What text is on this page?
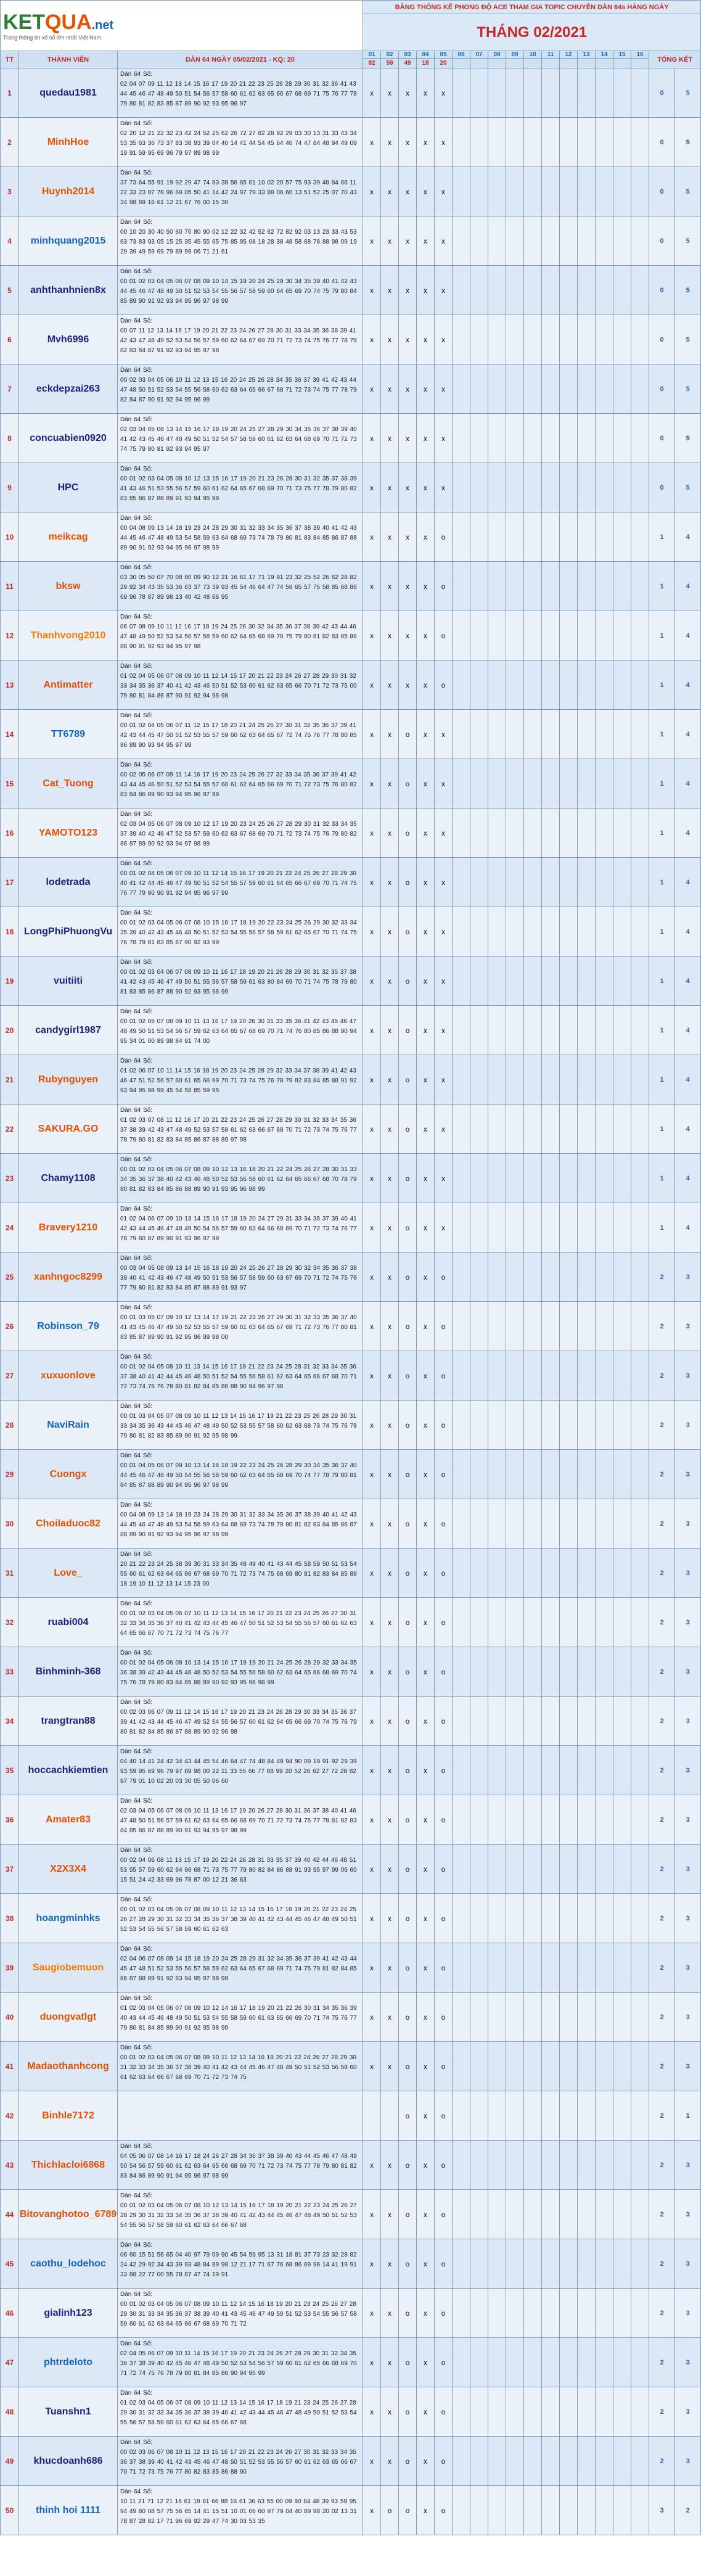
KETQUA.net
Trang thông tin xổ số lớn nhất Việt Nam			BẢNG THỐNG KÊ PHONG ĐỘ ACE THAM GIA TOPIC CHUYÊN DÀN 64s HÀNG NGÀY																	
			THÁNG 02/2021																	
TT	THÀNH VIÊN	DÀN 64 NGÀY 05/02/2021 - KQ: 20	01	02	03	04	05	06	07	08	09	10	11	12	13	14	15	16	TỔNG KẾT	
			82	59	49	18	20													
1	quedau1981	Dàn 64 Số:
02 04 07 09 11 12 13 14 15 16 17 19 20 21 22 23 25 26 28 29 30 31 32 36 41 43 44 45 46 47 48 49 50 51 54 56 57 58 60 61 62 63 65 66 67 68 69 71 75 76 77 78 79 80 81 82 83 85 87 89 90 92 93 95 96 97	x	x	x	x	x												0	5
2	MinhHoe	Dàn 64 Số:
02 20 12 21 22 32 23 42 24 52 25 62 26 72 27 82 28 92 29 03 30 13 31 33 43 34 53 35 63 36 73 37 83 38 93 39 04 40 14 41 44 54 45 64 46 74 47 84 48 94 49 09 19 91 59 95 69 96 79 97 89 98 99	x	x	x	x	x												0	5
3	Huynh2014	Dàn 64 Số:
37 73 64 55 91 19 92 29 47 74 83 38 56 65 01 10 02 20 57 75 93 39 48 84 66 11 22 33 23 87 78 96 69 05 50 41 14 42 24 97 79 33 88 06 60 13 51 52 25 07 70 43 34 98 89 16 61 12 21 67 76 00 15 30	x	x	x	x	x												0	5
4	minhquang2015	Dàn 64 Số:
00 10 20 30 40 50 60 70 80 90 02 12 22 32 42 52 62 72 82 92 03 13 23 33 43 53 63 73 83 93 05 15 25 35 45 55 65 75 85 95 08 18 28 38 48 58 68 78 88 98 09 19 29 39 49 59 69 79 89 99 06 71 21 61	x	x	x	x	x												0	5
5	anhthanhnien8x	Dàn 64 Số:
00 01 02 03 04 05 06 07 08 09 10 14 15 19 20 24 25 29 30 34 35 39 40 41 42 43 44 45 46 47 48 49 50 51 52 53 54 55 56 57 58 59 60 64 65 69 70 74 75 79 80 84 85 89 90 91 92 93 94 95 96 97 98 99	x	x	x	x	x												0	5
6	Mvh6996	Dàn 64 Số:
00 07 11 12 13 14 16 17 19 20 21 22 23 24 26 27 28 30 31 33 34 35 36 38 39 41 42 43 47 48 49 52 53 54 56 57 59 60 62 64 67 69 70 71 72 73 74 75 76 77 78 79 82 83 84 87 91 92 93 94 95 97 98	x	x	x	x	x												0	5
7	eckdepzai263	Dàn 64 Số:
00 02 03 04 05 06 10 11 12 13 15 16 20 24 25 26 28 34 35 36 37 39 41 42 43 44 47 48 50 51 52 53 54 55 56 58 60 62 63 64 65 66 67 68 71 72 73 74 75 77 78 79 82 84 87 90 91 92 94 95 96 99	x	x	x	x	x												0	5
8	concuabien0920	Dàn 64 Số:
02 03 04 05 08 13 14 15 16 17 18 19 20 24 25 27 28 29 30 34 35 36 37 38 39 40 41 42 43 45 46 47 48 49 50 51 52 54 57 58 59 60 61 62 63 64 68 69 70 71 72 73 74 75 79 80 81 92 93 94 95 97	x	x	x	x	x												0	5
9	HPC	Dàn 64 Số:
00 01 02 03 04 05 08 10 12 13 15 16 17 19 20 21 23 26 28 30 31 32 35 37 38 39 41 43 46 51 53 55 56 57 59 60 61 62 64 65 67 68 69 70 71 73 75 77 78 79 80 82 83 85 86 87 88 89 91 93 94 95 99	x	x	x	x	x												0	5
10	meikcag	Dàn 64 Số:
00 04 08 09 13 14 18 19 23 24 28 29 30 31 32 33 34 35 36 37 38 39 40 41 42 43 44 45 46 47 48 49 53 54 58 59 63 64 68 69 73 74 78 79 80 81 83 84 85 86 87 88 89 90 91 92 93 94 95 96 97 98 99	x	x	x	x	o												1	4
11	bksw	Dàn 64 Số:
03 30 05 50 07 70 08 80 09 90 12 21 16 61 17 71 19 91 23 32 25 52 26 62 28 82 29 92 34 43 35 53 36 63 37 73 39 93 45 54 46 64 47 74 56 65 57 75 58 85 68 86 69 96 78 87 89 98 13 40 42 48 66 95	x	x	x	x	o												1	4
12	Thanhvong2010	Dàn 64 Số:
06 07 08 09 10 11 12 16 17 18 19 24 25 26 30 32 34 35 36 37 38 39 42 43 44 46 47 48 49 50 52 53 54 56 57 58 59 60 62 64 65 68 69 70 75 79 80 81 82 83 85 86 88 90 91 92 93 94 95 97 98	x	x	x	x	o												1	4
13	Antimatter	Dàn 64 Số:
01 02 04 05 06 07 08 09 10 11 12 14 15 17 20 21 22 23 24 26 27 28 29 30 31 32 33 34 35 36 37 40 41 42 43 46 50 51 52 53 60 61 62 63 65 66 70 71 72 73 75 00 79 80 81 84 86 87 90 91 92 94 96 98	x	x	x	x	o												1	4
14	TT6789	Dàn 64 Số:
00 01 02 04 05 06 07 11 12 15 17 18 20 21 24 25 26 27 30 31 32 35 36 37 39 41 42 43 44 45 47 50 51 52 53 55 57 59 60 62 63 64 65 67 72 74 75 76 77 78 80 85 86 89 90 93 94 95 97 99	x	x	o	x	x												1	4
15	Cat_Tuong	Dàn 64 Số:
00 02 05 06 07 09 11 14 16 17 19 20 23 24 25 26 27 32 33 34 35 36 37 39 41 42 43 44 45 46 50 51 52 53 54 55 57 60 61 62 64 65 66 69 70 71 72 73 75 76 80 82 83 84 86 89 90 93 94 95 96 97 99	x	x	o	x	x												1	4
16	YAMOTO123	Dàn 64 Số:
02 03 04 05 06 07 08 09 10 12 17 19 20 23 24 25 26 27 28 29 30 31 32 33 34 35 37 39 40 42 46 47 52 53 57 59 60 62 63 67 68 69 70 71 72 73 74 75 76 79 80 82 86 87 89 90 92 93 94 97 98 99	x	x	o	x	x												1	4
17	lodetrada	Dàn 64 Số:
00 01 02 04 05 06 07 09 10 11 12 14 15 16 17 19 20 21 22 24 25 26 27 28 29 30 40 41 42 44 45 46 47 49 50 51 52 54 55 57 59 60 61 64 65 66 67 69 70 71 74 75 76 77 79 80 90 91 92 94 95 96 97 99	x	x	o	x	x												1	4
18	LongPhiPhuongVu	Dàn 64 Số:
00 01 02 03 04 05 06 07 08 10 15 16 17 18 19 20 22 23 24 25 26 29 30 32 33 34 35 39 40 42 43 45 46 48 50 51 52 53 54 55 56 57 58 59 61 62 65 67 70 71 74 75 76 78 79 81 83 85 87 90 92 93 99	x	x	o	x	x												1	4
19	vuitiiti	Dàn 64 Số:
00 01 02 03 04 06 07 08 09 10 11 16 17 18 19 20 21 26 28 29 30 31 32 35 37 38 41 42 43 45 46 47 49 50 51 55 56 57 58 59 61 63 80 84 69 70 71 74 75 78 79 80 81 83 85 86 87 88 90 92 93 95 96 99	x	x	o	x	x												1	4
20	candygirl1987	Dàn 64 Số:
00 01 02 05 07 08 09 10 11 13 16 17 19 20 26 30 31 33 35 36 41 42 43 45 46 47 48 49 50 51 53 54 56 57 59 62 63 64 65 67 68 69 70 71 74 76 80 85 86 88 90 94 95 34 01 00 89 98 84 91 74 00	x	x	o	x	x												1	4
21	Rubynguyen	Dàn 64 Số:
01 02 06 07 10 11 14 15 16 18 19 20 23 24 25 28 29 32 33 34 37 38 39 41 42 43 46 47 51 52 56 57 60 61 65 66 69 70 71 73 74 75 76 78 79 82 83 84 85 88 91 92 93 94 95 98 99 45 54 58 85 59 95	x	x	o	x	x												1	4
22	SAKURA.GO	Dàn 64 Số:
01 02 03 07 08 11 12 16 17 20 21 22 23 24 25 26 27 28 29 30 31 32 33 34 35 36 37 38 39 42 43 47 48 49 52 53 57 58 61 62 63 66 67 68 70 71 72 73 74 75 76 77 78 79 80 81 82 83 84 85 86 87 88 89 97 98	x	x	o	x	x												1	4
23	Chamy1108	Dàn 64 Số:
00 01 02 03 04 05 06 07 08 09 10 12 13 16 18 20 21 22 24 25 26 27 28 30 31 33 34 35 36 37 38 40 42 43 46 48 50 52 53 56 58 60 61 62 64 65 66 67 68 70 78 79 80 81 82 83 84 85 86 88 89 90 91 93 95 96 98 99	x	x	o	x	x												1	4
24	Bravery1210	Dàn 64 Số:
01 02 04 06 07 09 10 13 14 15 16 17 18 19 20 24 27 29 31 33 34 36 37 39 40 41 42 43 44 45 46 47 48 49 50 54 56 57 59 60 63 64 66 68 69 70 71 72 73 74 76 77 78 79 80 87 89 90 91 93 96 97 99	x	x	o	x	x												1	4
25	xanhngoc8299	Dàn 64 Số:
00 03 04 05 08 09 13 14 15 16 18 19 20 24 25 26 27 28 29 30 32 34 35 36 37 38 39 40 41 42 43 46 47 48 49 50 51 53 56 57 58 59 60 63 67 69 70 71 72 74 75 76 77 79 80 81 82 83 84 85 87 88 89 91 93 97	x	x	o	x	o												2	3
26	Robinson_79	Dàn 64 Số:
00 01 03 05 07 09 10 12 13 14 17 19 21 22 23 26 27 29 30 31 32 33 35 36 37 40 41 43 45 46 47 49 50 52 53 55 57 59 60 61 63 64 65 67 69 71 72 73 76 77 80 81 83 85 87 89 90 91 92 95 96 99 98 00	x	x	o	x	o												2	3
27	xuxuonlove	Dàn 64 Số:
00 01 02 04 05 08 10 11 13 14 15 16 17 18 21 22 23 24 25 28 31 32 33 34 35 36 37 38 40 41 42 44 45 46 48 50 51 52 54 55 56 58 61 62 63 64 65 66 67 68 70 71 72 73 74 75 76 78 80 81 82 84 85 86 88 90 94 96 97 98	x	x	o	x	o												2	3
28	NaviRain	Dàn 64 Số:
00 01 03 04 05 07 08 09 10 11 12 13 14 15 16 17 19 21 22 23 25 26 28 29 30 31 33 34 35 36 43 44 45 46 47 48 49 50 52 53 55 57 58 60 62 63 68 73 74 75 76 78 79 80 81 82 83 85 89 90 91 92 95 98 99	x	x	o	x	o												2	3
29	Cuongx	Dàn 64 Số:
00 01 04 05 06 07 09 10 13 14 16 18 19 22 23 24 25 26 28 29 30 34 35 36 37 40 44 45 46 47 48 49 50 54 55 56 58 59 60 62 63 64 65 68 69 70 74 77 78 79 80 81 84 85 87 88 89 90 94 95 96 97 98 99	x	x	o	x	o												2	3
30	Choiladuoc82	Dàn 64 Số:
00 04 08 09 13 14 18 19 23 24 28 29 30 31 32 33 34 35 36 37 38 39 40 41 42 43 44 45 46 47 48 49 53 54 58 59 63 64 68 69 73 74 78 79 80 81 82 83 84 85 86 87 88 89 90 91 92 93 94 95 96 97 98 99	x	x	o	x	o												2	3
31	Love_	Dàn 64 Số:
20 21 22 23 24 25 38 39 30 31 33 34 35 48 49 40 41 43 44 45 58 59 50 51 53 54 55 60 61 62 63 64 65 66 67 68 69 70 71 72 73 74 75 68 69 80 81 82 83 84 85 86 18 19 10 11 12 13 14 15 23 00	x	x	o	x	o												2	3
32	ruabi004	Dàn 64 Số:
00 01 02 03 04 05 06 07 10 11 12 13 14 15 16 17 20 21 22 23 24 25 26 27 30 31 32 33 34 35 36 37 40 41 42 43 44 45 46 47 50 51 52 53 54 55 56 57 60 61 62 63 64 65 66 67 70 71 72 73 74 75 76 77	x	x	o	x	o												2	3
33	Binhminh-368	Dàn 64 Số:
00 01 02 04 05 06 08 10 13 14 15 16 17 18 19 20 21 24 25 26 28 29 32 33 34 35 36 38 39 42 43 44 45 46 48 50 52 53 54 55 56 58 60 62 63 64 65 66 68 69 70 74 75 76 78 79 80 83 84 85 88 89 90 92 93 95 96 98 99	x	x	o	x	o												2	3
34	trangtran88	Dàn 64 Số:
00 02 03 06 07 09 11 12 14 15 16 17 19 20 21 23 24 26 28 29 30 33 34 35 36 37 39 41 42 43 44 45 46 47 49 52 54 55 56 57 60 61 62 64 65 66 69 70 74 75 76 79 80 81 82 84 85 86 87 88 89 90 92 96 98	x	x	o	x	o												2	3
35	hoccachkiemtien	Dàn 64 Số:
04 40 14 41 24 42 34 43 44 45 54 46 64 47 74 48 84 49 94 90 09 19 91 92 29 39 93 59 95 69 96 79 97 89 98 00 22 11 33 55 66 77 88 99 20 52 26 62 27 72 28 82 97 79 01 10 02 20 03 30 05 50 06 60	x	x	o	x	o												2	3
36	Amater83	Dàn 64 Số:
02 03 04 05 06 07 08 09 10 11 13 16 17 19 20 26 27 28 30 31 36 37 38 40 41 46 47 48 50 51 56 57 59 61 62 63 64 65 66 68 69 70 71 72 73 74 75 77 78 81 82 83 84 85 86 87 88 89 90 91 93 94 95 97 98 99	x	x	o	x	o												2	3
37	X2X3X4	Dàn 64 Số:
00 02 04 06 08 11 13 15 17 19 20 22 24 26 28 31 33 35 37 39 40 42 44 46 48 51 53 55 57 59 60 62 64 66 68 71 73 75 77 79 80 82 84 86 88 91 93 95 97 99 06 60 15 51 24 42 33 69 96 78 87 00 12 21 36 63	x	x	o	x	o												2	3
38	hoangminhks	Dàn 64 Số:
00 01 02 03 04 05 06 07 08 09 10 11 12 13 14 15 16 17 18 19 20 21 22 23 24 25 26 27 28 29 30 31 32 33 34 35 36 37 38 39 40 41 42 43 44 45 46 47 48 49 50 51 52 53 54 55 56 57 58 59 60 61 62 63	x	x	o	x	o												2	3
39	Saugiobemuon	Dàn 64 Số:
02 04 06 07 08 09 14 15 18 19 20 24 25 28 29 31 32 34 35 36 37 39 41 42 43 44 45 47 48 51 52 53 55 56 57 58 59 62 63 64 65 67 68 69 71 74 75 79 81 82 84 85 86 87 88 89 91 92 93 94 95 97 98 99	x	x	o	x	o												2	3
40	duongvatlgt	Dàn 64 Số:
01 02 03 04 05 06 07 08 09 10 12 14 16 17 18 19 20 21 22 26 30 31 34 35 36 39 40 43 44 45 46 48 49 50 51 53 54 55 58 59 60 61 63 65 66 69 70 71 74 75 76 77 79 80 81 84 85 89 90 91 92 95 98 99	x	x	o	x	o												2	3
41	Madaothanhcong	Dàn 64 Số:
00 01 02 03 04 05 06 07 08 09 10 11 12 13 14 16 18 20 21 22 24 26 27 28 29 30 31 32 33 34 35 36 37 38 39 40 41 42 43 44 45 46 47 48 49 50 51 52 53 56 58 60 61 62 63 64 66 67 68 69 70 71 72 73 74 75	x	x	o	x	o												2	3
42	Binhle7172				o	x	o												2	1
43	Thichlacloi6868	Dàn 64 Số:
04 05 06 07 08 14 16 17 18 24 26 27 28 34 36 37 38 39 40 43 44 45 46 47 48 49 50 54 56 57 59 60 61 62 63 64 65 66 68 69 70 71 72 73 74 75 77 78 79 80 81 82 83 84 86 89 90 91 94 95 96 97 98 99	x	x	o	x	o												2	3
44	Bitovanghotoo_6789	Dàn 64 Số:
00 01 02 03 04 05 06 07 08 10 12 13 14 15 16 17 18 19 20 21 22 23 24 25 26 27 28 29 30 31 32 33 34 35 36 37 38 39 40 41 42 43 44 45 46 47 48 49 50 51 52 53 54 55 56 57 58 59 60 61 62 63 64 66 67 68	x	x	o	x	o												2	3
45	caothu_lodehoc	Dàn 64 Số:
06 60 15 51 56 65 04 40 97 79 09 90 45 54 59 95 13 31 18 81 37 73 23 32 28 82 24 42 29 92 34 43 39 93 48 84 89 98 12 21 17 71 67 76 68 86 69 96 14 41 19 91 33 88 22 77 00 55 78 87 47 74 19 91	x	x	o	x	o												2	3
46	gialinh123	Dàn 64 Số:
00 01 02 03 04 05 06 07 08 09 10 11 12 14 15 16 18 19 20 21 23 24 25 26 27 28 29 30 31 33 34 35 36 37 38 39 40 41 43 45 46 47 49 50 51 52 53 54 55 56 57 58 59 60 61 62 63 64 65 66 67 68 69 70 71 72	x	x	o	x	o												2	3
47	phtrdeloto	Dàn 64 Số:
02 04 05 06 07 09 10 11 14 15 16 17 19 20 21 23 24 26 27 28 29 30 31 32 34 35 36 37 38 39 40 42 45 46 47 48 49 50 52 53 54 56 57 59 60 61 62 65 66 68 69 70 71 72 74 75 76 78 79 80 81 84 85 86 90 94 95 99	x	x	o	x	o												2	3
48	Tuanshn1	Dàn 64 Số:
01 02 03 04 05 06 07 08 09 10 11 12 13 14 15 16 17 18 19 21 23 24 25 26 27 28 29 30 31 32 33 34 35 36 37 38 39 40 41 42 43 44 45 46 47 48 49 50 51 52 53 54 55 56 57 58 59 60 61 62 63 64 65 66 67 68	x	x	o	x	o												2	3
49	khucdoanh686	Dàn 64 Số:
00 02 03 06 07 08 10 11 12 13 15 16 17 20 21 22 23 24 26 27 30 31 32 33 34 35 36 37 38 39 40 41 42 43 45 46 47 48 50 51 52 53 55 56 57 60 61 62 63 65 66 67 70 71 72 73 75 76 77 80 82 83 85 86 88 90	x	x	o	x	o												2	3
50	thinh hoi 1111	Dàn 64 Số:
10 11 21 71 12 21 16 61 18 81 66 88 16 61 36 63 55 00 09 90 84 48 39 93 59 95 94 49 80 08 57 75 56 65 14 41 15 51 10 01 06 60 97 79 04 40 89 98 20 02 13 31 78 87 28 82 17 71 96 69 92 29 47 74 30 03 53 35	x	o	o	x	o												3	2
